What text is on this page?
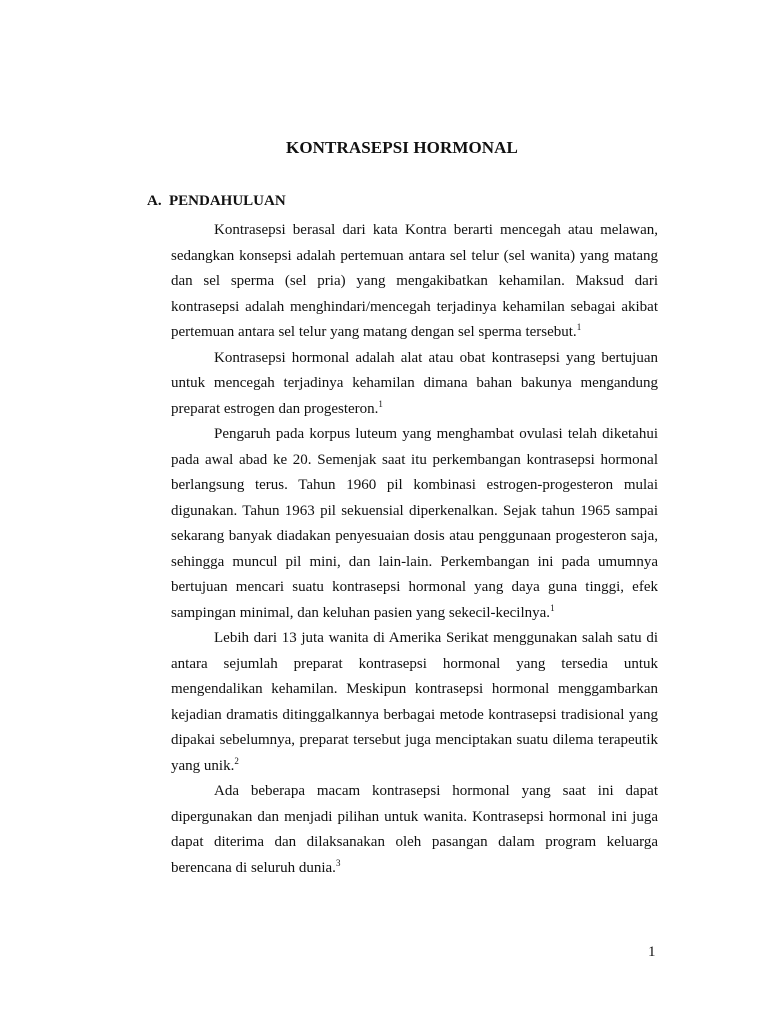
KONTRASEPSI HORMONAL
A. PENDAHULUAN

Kontrasepsi berasal dari kata Kontra berarti mencegah atau melawan, sedangkan konsepsi adalah pertemuan antara sel telur (sel wanita) yang matang dan sel sperma (sel pria) yang mengakibatkan kehamilan. Maksud dari kontrasepsi adalah menghindari/mencegah terjadinya kehamilan sebagai akibat pertemuan antara sel telur yang matang dengan sel sperma tersebut.$^1$

Kontrasepsi hormonal adalah alat atau obat kontrasepsi yang bertujuan untuk mencegah terjadinya kehamilan dimana bahan bakunya mengandung preparat estrogen dan progesteron.$^1$

Pengaruh pada korpus luteum yang menghambat ovulasi telah diketahui pada awal abad ke 20. Semenjak saat itu perkembangan kontrasepsi hormonal berlangsung terus. Tahun 1960 pil kombinasi estrogen-progesteron mulai digunakan. Tahun 1963 pil sekuensial diperkenalkan. Sejak tahun 1965 sampai sekarang banyak diadakan penyesuaian dosis atau penggunaan progesteron saja, sehingga muncul pil mini, dan lain-lain. Perkembangan ini pada umumnya bertujuan mencari suatu kontrasepsi hormonal yang daya guna tinggi, efek sampingan minimal, dan keluhan pasien yang sekecil-kecilnya.$^1$

Lebih dari 13 juta wanita di Amerika Serikat menggunakan salah satu di antara sejumlah preparat kontrasepsi hormonal yang tersedia untuk mengendalikan kehamilan. Meskipun kontrasepsi hormonal menggambarkan kejadian dramatis ditinggalkannya berbagai metode kontrasepsi tradisional yang dipakai sebelumnya, preparat tersebut juga menciptakan suatu dilema terapeutik yang unik.$^2$

Ada beberapa macam kontrasepsi hormonal yang saat ini dapat dipergunakan dan menjadi pilihan untuk wanita. Kontrasepsi hormonal ini juga dapat diterima dan dilaksanakan oleh pasangan dalam program keluarga berencana di seluruh dunia.$^3$

1
